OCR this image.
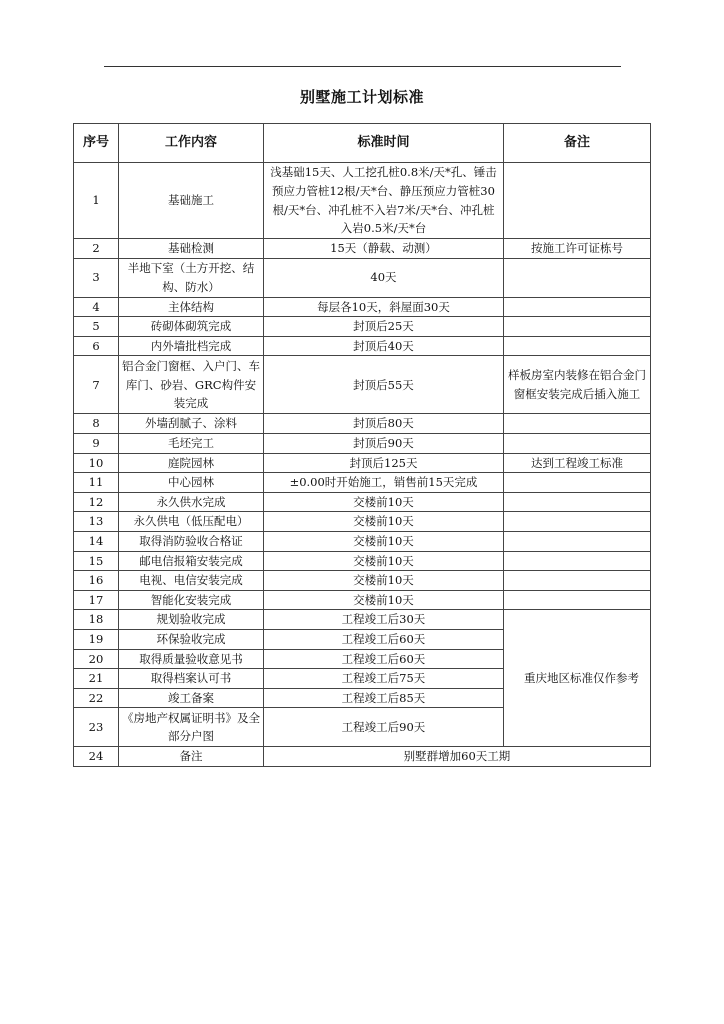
别墅施工计划标准
序号	工作内容	标准时间	备注
1	基础施工	浅基础15天、人工挖孔桩0.8米/天*孔、锤击预应力管桩12根/天*台、静压预应力管桩30根/天*台、冲孔桩不入岩7米/天*台、冲孔桩入岩0.5米/天*台	
2	基础检测	15天（静载、动测）	按施工许可证栋号
3	半地下室（土方开挖、结构、防水）	40天	
4	主体结构	每层各10天，斜屋面30天	
5	砖砌体砌筑完成	封顶后25天	
6	内外墙批档完成	封顶后40天	
7	铝合金门窗框、入户门、车库门、砂岩、GRC构件安装完成	封顶后55天	样板房室内装修在铝合金门窗框安装完成后插入施工
8	外墙刮腻子、涂料	封顶后80天	
9	毛坯完工	封顶后90天	
10	庭院园林	封顶后125天	达到工程竣工标准
11	中心园林	±0.00时开始施工，销售前15天完成	
12	永久供水完成	交楼前10天	
13	永久供电（低压配电）	交楼前10天	
14	取得消防验收合格证	交楼前10天	
15	邮电信报箱安装完成	交楼前10天	
16	电视、电信安装完成	交楼前10天	
17	智能化安装完成	交楼前10天	
18	规划验收完成	工程竣工后30天	重庆地区标准仅作参考
19	环保验收完成	工程竣工后60天	
20	取得质量验收意见书	工程竣工后60天	
21	取得档案认可书	工程竣工后75天	
22	竣工备案	工程竣工后85天	
23	《房地产权属证明书》及全部分户图	工程竣工后90天	
24	备注	别墅群增加60天工期	
